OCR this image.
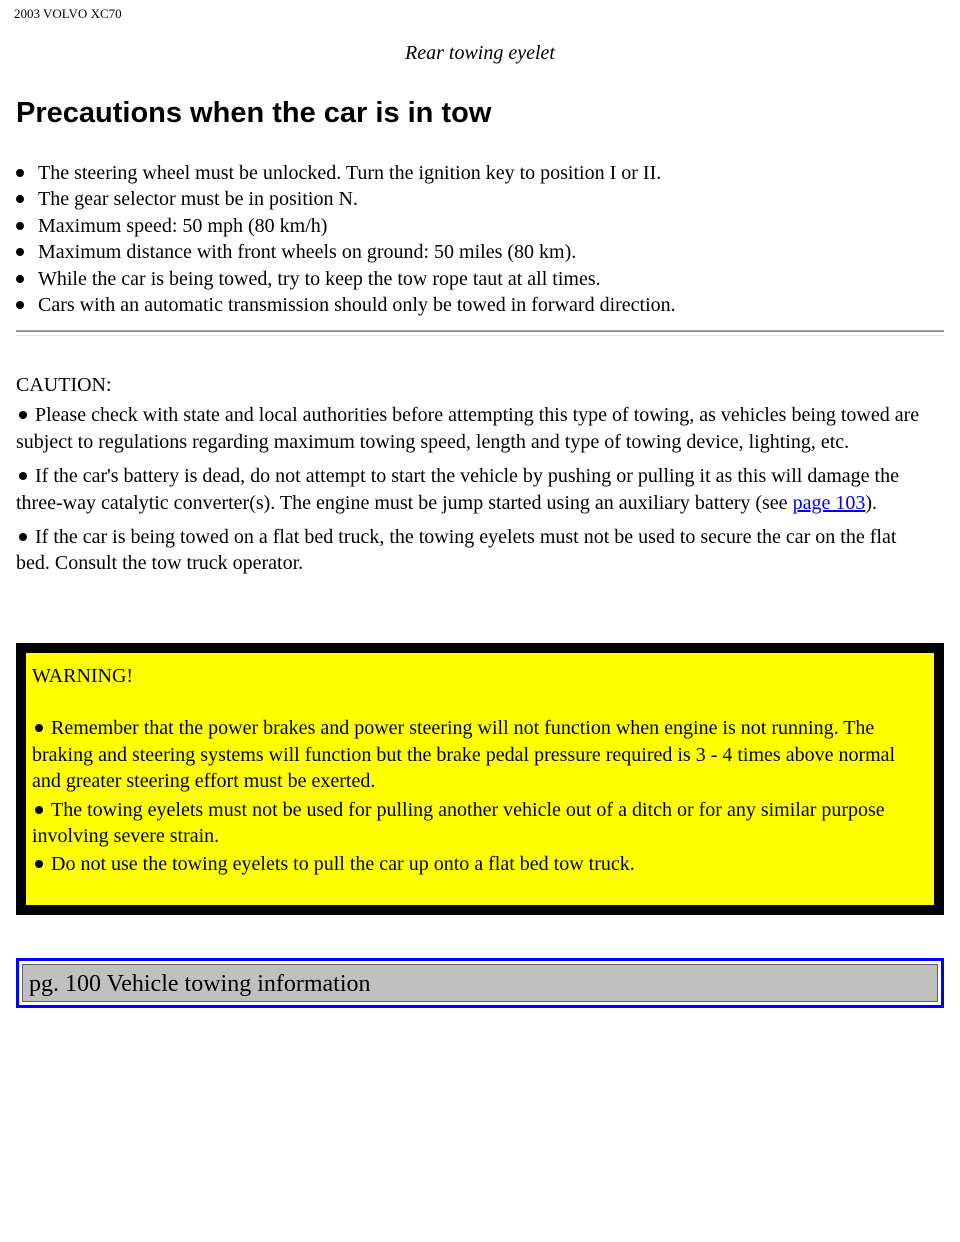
2003 VOLVO XC70
Rear towing eyelet
Precautions when the car is in tow
The steering wheel must be unlocked. Turn the ignition key to position I or II.
The gear selector must be in position N.
Maximum speed: 50 mph (80 km/h)
Maximum distance with front wheels on ground: 50 miles (80 km).
While the car is being towed, try to keep the tow rope taut at all times.
Cars with an automatic transmission should only be towed in forward direction.
CAUTION:

Please check with state and local authorities before attempting this type of towing, as vehicles being towed are subject to regulations regarding maximum towing speed, length and type of towing device, lighting, etc.

If the car's battery is dead, do not attempt to start the vehicle by pushing or pulling it as this will damage the three-way catalytic converter(s). The engine must be jump started using an auxiliary battery (see page 103).

If the car is being towed on a flat bed truck, the towing eyelets must not be used to secure the car on the flat bed. Consult the tow truck operator.

WARNING!

Remember that the power brakes and power steering will not function when engine is not running. The braking and steering systems will function but the brake pedal pressure required is 3 - 4 times above normal and greater steering effort must be exerted.

The towing eyelets must not be used for pulling another vehicle out of a ditch or for any similar purpose involving severe strain.

Do not use the towing eyelets to pull the car up onto a flat bed tow truck.

pg. 100 Vehicle towing information
